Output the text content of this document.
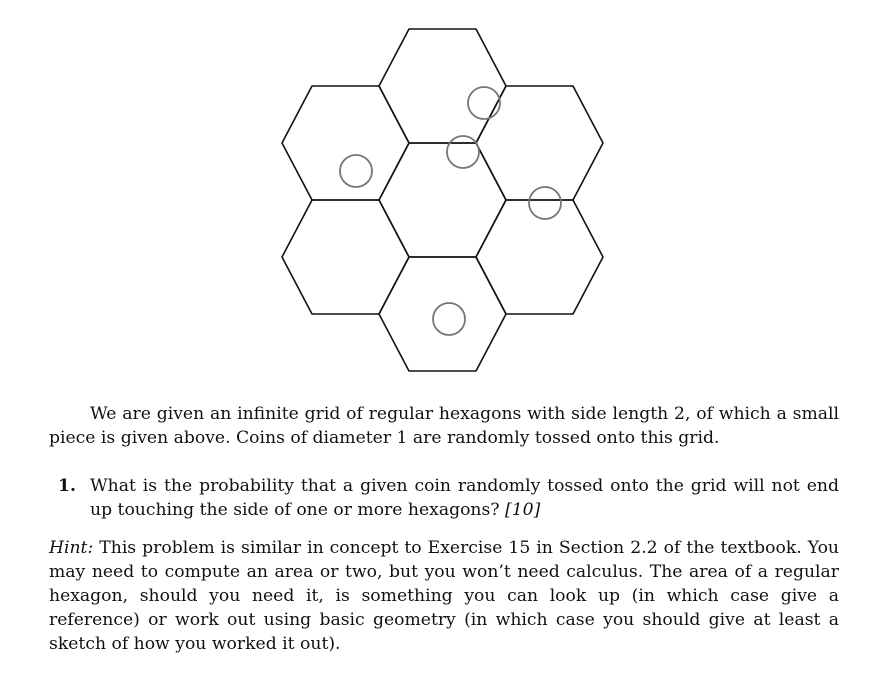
We are given an infinite grid of regular hexagons with side length 2, of which a small piece is given above. Coins of diameter 1 are randomly tossed onto this grid.

1. What is the probability that a given coin randomly tossed onto the grid will not end up touching the side of one or more hexagons? [10]

Hint: This problem is similar in concept to Exercise 15 in Section 2.2 of the textbook. You may need to compute an area or two, but you won’t need calculus. The area of a regular hexagon, should you need it, is something you can look up (in which case give a reference) or work out using basic geometry (in which case you should give at least a sketch of how you worked it out).
